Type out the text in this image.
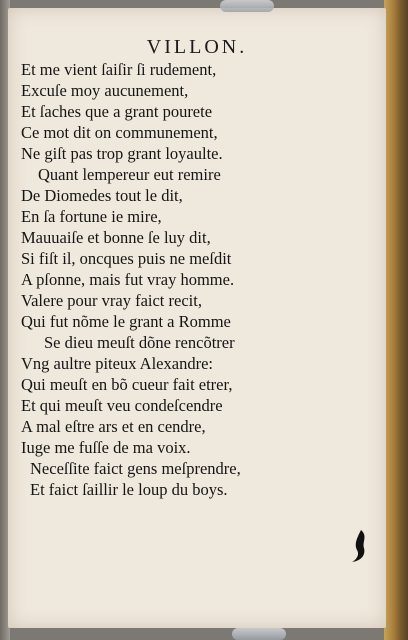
VILLON.
Et me vient ſaiſir ſi rudement,
Excuſe moy aucunement,
Et ſaches que a grant pourete
Ce mot dit on communement,
Ne giſt pas trop grant loyaulte.
Quant lempereur eut remire
De Diomedes tout le dit,
En ſa fortune ie mire,
Mauuaiſe et bonne ſe luy dit,
Si fiſt il, oncques puis ne meſdit
A pſonne, mais fut vray homme.
Valere pour vray faict recit,
Qui fut nõme le grant a Romme
Se dieu meuſt dõne rencõtrer
Vng aultre piteux Alexandre:
Qui meuſt en bõ cueur fait etrer,
Et qui meuſt veu condeſcendre
A mal eſtre ars et en cendre,
Iuge me fuſſe de ma voix.
Neceſſite faict gens meſprendre,
Et faict ſaillir le loup du boys.
